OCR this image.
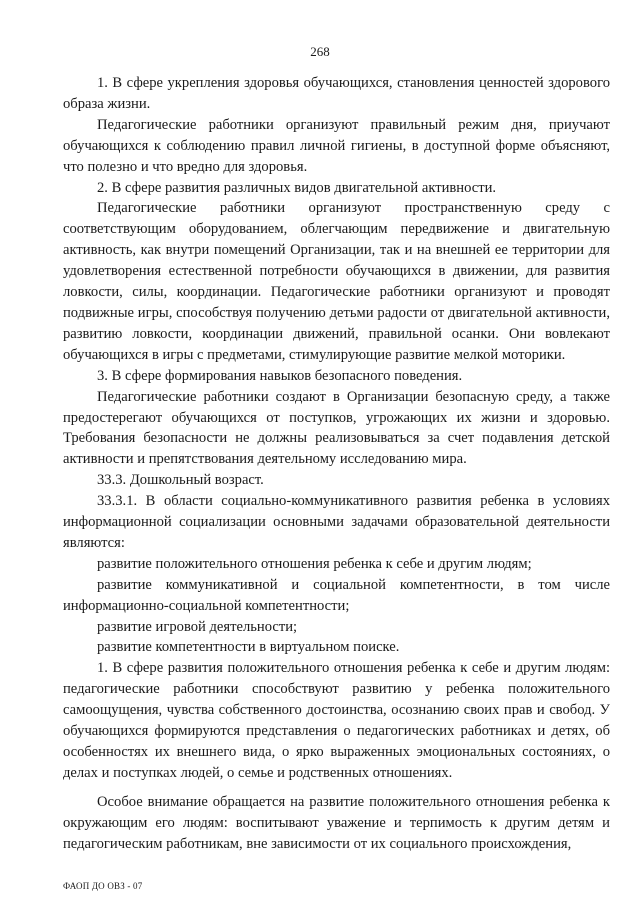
268

1. В сфере укрепления здоровья обучающихся, становления ценностей здорового образа жизни.

Педагогические работники организуют правильный режим дня, приучают обучающихся к соблюдению правил личной гигиены, в доступной форме объясняют, что полезно и что вредно для здоровья.

2. В сфере развития различных видов двигательной активности.

Педагогические работники организуют пространственную среду с соответствующим оборудованием, облегчающим передвижение и двигательную активность, как внутри помещений Организации, так и на внешней ее территории для удовлетворения естественной потребности обучающихся в движении, для развития ловкости, силы, координации. Педагогические работники организуют и проводят подвижные игры, способствуя получению детьми радости от двигательной активности, развитию ловкости, координации движений, правильной осанки. Они вовлекают обучающихся в игры с предметами, стимулирующие развитие мелкой моторики.

3. В сфере формирования навыков безопасного поведения.

Педагогические работники создают в Организации безопасную среду, а также предостерегают обучающихся от поступков, угрожающих их жизни и здоровью. Требования безопасности не должны реализовываться за счет подавления детской активности и препятствования деятельному исследованию мира.

33.3. Дошкольный возраст.

33.3.1. В области социально-коммуникативного развития ребенка в условиях информационной социализации основными задачами образовательной деятельности являются:

развитие положительного отношения ребенка к себе и другим людям;

развитие коммуникативной и социальной компетентности, в том числе информационно-социальной компетентности;

развитие игровой деятельности;

развитие компетентности в виртуальном поиске.

1. В сфере развития положительного отношения ребенка к себе и другим людям: педагогические работники способствуют развитию у ребенка положительного самоощущения, чувства собственного достоинства, осознанию своих прав и свобод. У обучающихся формируются представления о педагогических работниках и детях, об особенностях их внешнего вида, о ярко выраженных эмоциональных состояниях, о делах и поступках людей, о семье и родственных отношениях.

Особое внимание обращается на развитие положительного отношения ребенка к окружающим его людям: воспитывают уважение и терпимость к другим детям и педагогическим работникам, вне зависимости от их социального происхождения,

ФАОП ДО ОВЗ - 07
